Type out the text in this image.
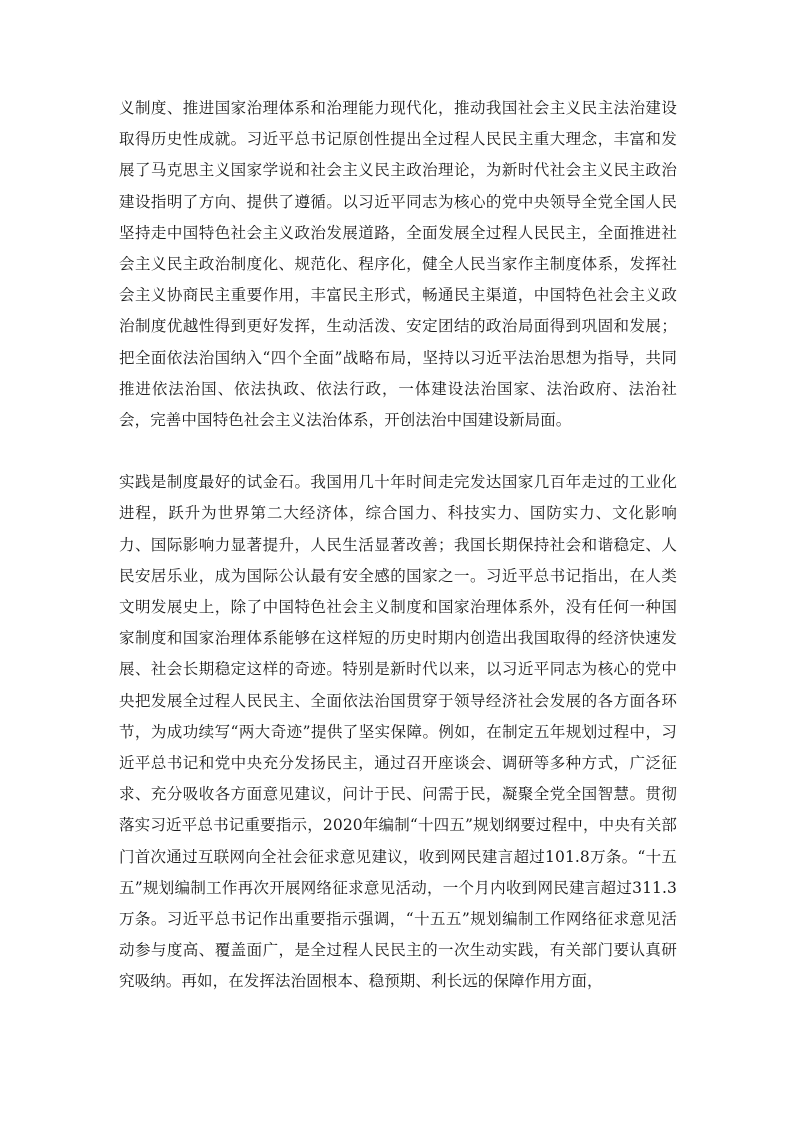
义制度、推进国家治理体系和治理能力现代化，推动我国社会主义民主法治建设取得历史性成就。习近平总书记原创性提出全过程人民民主重大理念，丰富和发展了马克思主义国家学说和社会主义民主政治理论，为新时代社会主义民主政治建设指明了方向、提供了遵循。以习近平同志为核心的党中央领导全党全国人民坚持走中国特色社会主义政治发展道路，全面发展全过程人民民主，全面推进社会主义民主政治制度化、规范化、程序化，健全人民当家作主制度体系，发挥社会主义协商民主重要作用，丰富民主形式，畅通民主渠道，中国特色社会主义政治制度优越性得到更好发挥，生动活泼、安定团结的政治局面得到巩固和发展；把全面依法治国纳入“四个全面”战略布局，坚持以习近平法治思想为指导，共同推进依法治国、依法执政、依法行政，一体建设法治国家、法治政府、法治社会，完善中国特色社会主义法治体系，开创法治中国建设新局面。

实践是制度最好的试金石。我国用几十年时间走完发达国家几百年走过的工业化进程，跃升为世界第二大经济体，综合国力、科技实力、国防实力、文化影响力、国际影响力显著提升，人民生活显著改善；我国长期保持社会和谐稳定、人民安居乐业，成为国际公认最有安全感的国家之一。习近平总书记指出，在人类文明发展史上，除了中国特色社会主义制度和国家治理体系外，没有任何一种国家制度和国家治理体系能够在这样短的历史时期内创造出我国取得的经济快速发展、社会长期稳定这样的奇迹。特别是新时代以来，以习近平同志为核心的党中央把发展全过程人民民主、全面依法治国贯穿于领导经济社会发展的各方面各环节，为成功续写“两大奇迹”提供了坚实保障。例如，在制定五年规划过程中，习近平总书记和党中央充分发扬民主，通过召开座谈会、调研等多种方式，广泛征求、充分吸收各方面意见建议，问计于民、问需于民，凝聚全党全国智慧。贯彻落实习近平总书记重要指示，2020年编制“十四五”规划纲要过程中，中央有关部门首次通过互联网向全社会征求意见建议，收到网民建言超过101.8万条。“十五五”规划编制工作再次开展网络征求意见活动，一个月内收到网民建言超过311.3万条。习近平总书记作出重要指示强调，“十五五”规划编制工作网络征求意见活动参与度高、覆盖面广，是全过程人民民主的一次生动实践，有关部门要认真研究吸纳。再如，在发挥法治固根本、稳预期、利长远的保障作用方面，
